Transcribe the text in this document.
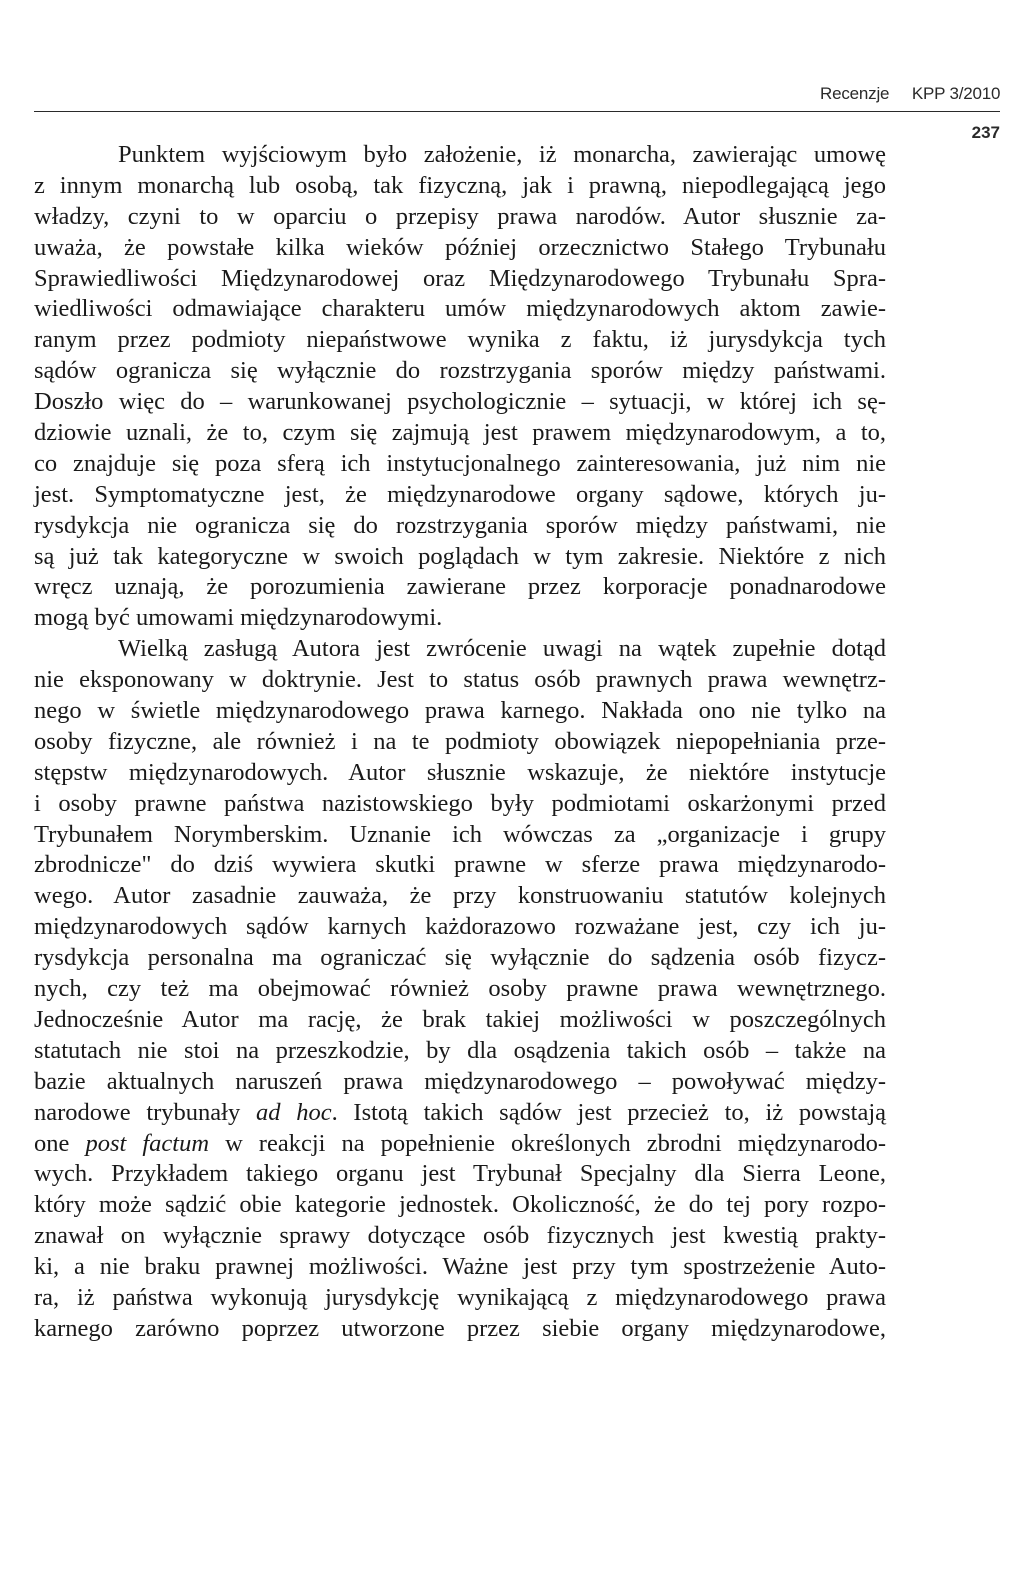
Recenzje KPP 3/2010
237
Punktem wyjściowym było założenie, iż monarcha, zawierając umowę
z innym monarchą lub osobą, tak fizyczną, jak i prawną, niepodlegającą jego
władzy, czyni to w oparciu o przepisy prawa narodów. Autor słusznie za-
uważa, że powstałe kilka wieków później orzecznictwo Stałego Trybunału
Sprawiedliwości Międzynarodowej oraz Międzynarodowego Trybunału Spra-
wiedliwości odmawiające charakteru umów międzynarodowych aktom zawie-
ranym przez podmioty niepaństwowe wynika z faktu, iż jurysdykcja tych
sądów ogranicza się wyłącznie do rozstrzygania sporów między państwami.
Doszło więc do – warunkowanej psychologicznie – sytuacji, w której ich sę-
dziowie uznali, że to, czym się zajmują jest prawem międzynarodowym, a to,
co znajduje się poza sferą ich instytucjonalnego zainteresowania, już nim nie
jest. Symptomatyczne jest, że międzynarodowe organy sądowe, których ju-
rysdykcja nie ogranicza się do rozstrzygania sporów między państwami, nie
są już tak kategoryczne w swoich poglądach w tym zakresie. Niektóre z nich
wręcz uznają, że porozumienia zawierane przez korporacje ponadnarodowe
mogą być umowami międzynarodowymi.
Wielką zasługą Autora jest zwrócenie uwagi na wątek zupełnie dotąd
nie eksponowany w doktrynie. Jest to status osób prawnych prawa wewnętrz-
nego w świetle międzynarodowego prawa karnego. Nakłada ono nie tylko na
osoby fizyczne, ale również i na te podmioty obowiązek niepopełniania prze-
stępstw międzynarodowych. Autor słusznie wskazuje, że niektóre instytucje
i osoby prawne państwa nazistowskiego były podmiotami oskarżonymi przed
Trybunałem Norymberskim. Uznanie ich wówczas za „organizacje i grupy
zbrodnicze" do dziś wywiera skutki prawne w sferze prawa międzynarodo-
wego. Autor zasadnie zauważa, że przy konstruowaniu statutów kolejnych
międzynarodowych sądów karnych każdorazowo rozważane jest, czy ich ju-
rysdykcja personalna ma ograniczać się wyłącznie do sądzenia osób fizycz-
nych, czy też ma obejmować również osoby prawne prawa wewnętrznego.
Jednocześnie Autor ma rację, że brak takiej możliwości w poszczególnych
statutach nie stoi na przeszkodzie, by dla osądzenia takich osób – także na
bazie aktualnych naruszeń prawa międzynarodowego – powoływać między-
narodowe trybunały ad hoc. Istotą takich sądów jest przecież to, iż powstają
one post factum w reakcji na popełnienie określonych zbrodni międzynarodo-
wych. Przykładem takiego organu jest Trybunał Specjalny dla Sierra Leone,
który może sądzić obie kategorie jednostek. Okoliczność, że do tej pory rozpo-
znawał on wyłącznie sprawy dotyczące osób fizycznych jest kwestią prakty-
ki, a nie braku prawnej możliwości. Ważne jest przy tym spostrzeżenie Auto-
ra, iż państwa wykonują jurysdykcję wynikającą z międzynarodowego prawa
karnego zarówno poprzez utworzone przez siebie organy międzynarodowe,
